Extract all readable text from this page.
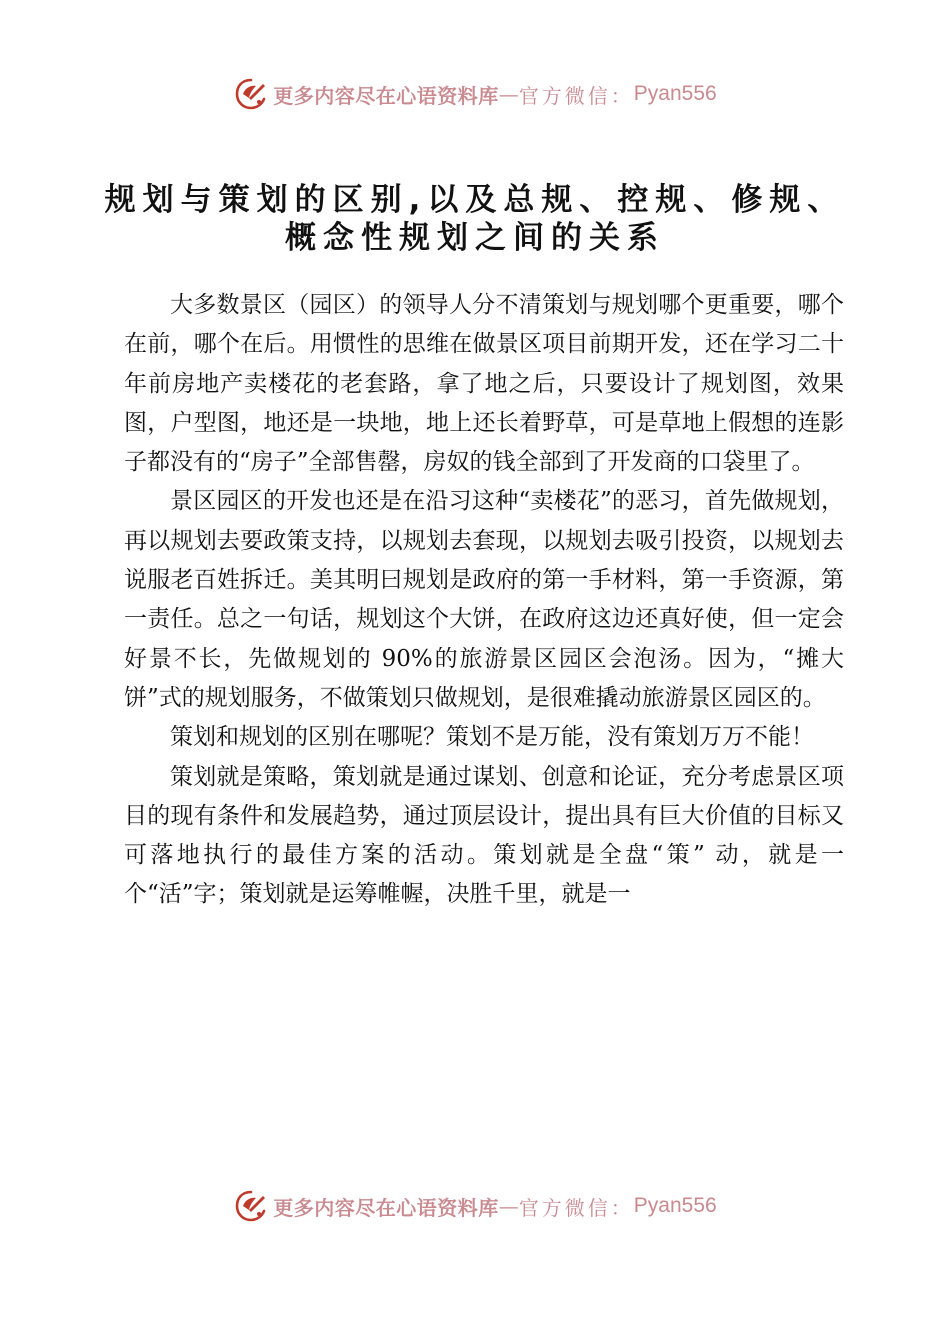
更多内容尽在心语资料库 — 官方微信： Pyan556
规划与策划的区别,以及总规、控规、修规、
概念性规划之间的关系

大多数景区（园区）的领导人分不清策划与规划哪个更重要，哪个在前，哪个在后。用惯性的思维在做景区项目前期开发，还在学习二十年前房地产卖楼花的老套路，拿了地之后，只要设计了规划图，效果图，户型图，地还是一块地，地上还长着野草，可是草地上假想的连影子都没有的“房子”全部售罄，房奴的钱全部到了开发商的口袋里了。

景区园区的开发也还是在沿习这种“卖楼花”的恶习，首先做规划，再以规划去要政策支持，以规划去套现，以规划去吸引投资，以规划去说服老百姓拆迁。美其明曰规划是政府的第一手材料，第一手资源，第一责任。总之一句话，规划这个大饼，在政府这边还真好使，但一定会好景不长，先做规划的 90%的旅游景区园区会泡汤。因为，“摊大饼”式的规划服务，不做策划只做规划，是很难撬动旅游景区园区的。

策划和规划的区别在哪呢？策划不是万能，没有策划万万不能！

策划就是策略，策划就是通过谋划、创意和论证，充分考虑景区项目的现有条件和发展趋势，通过顶层设计，提出具有巨大价值的目标又可落地执行的最佳方案的活动。策划就是全盘“策” 动，就是一个“活”字；策划就是运筹帷幄，决胜千里，就是一

更多内容尽在心语资料库 — 官方微信： Pyan556
